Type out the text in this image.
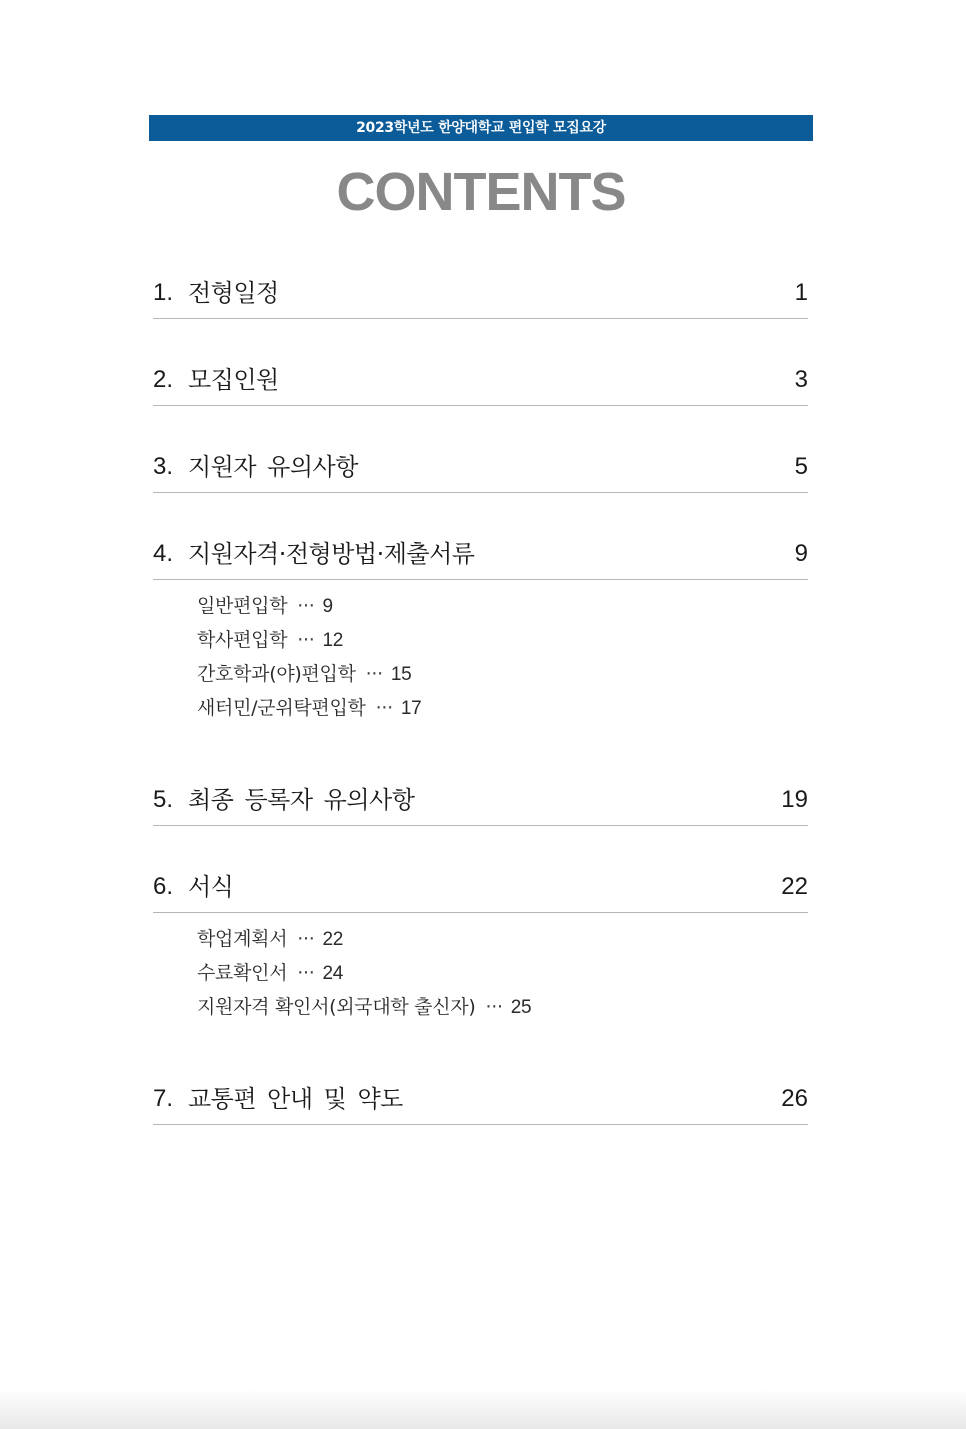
2023학년도 한양대학교 편입학 모집요강
CONTENTS
1. 전형일정	1
2. 모집인원	3
3. 지원자 유의사항	5
4. 지원자격·전형방법·제출서류	9
일반편입학 ··· 9
학사편입학 ··· 12
간호학과(야)편입학 ··· 15
새터민/군위탁편입학 ··· 17
5. 최종 등록자 유의사항	19
6. 서식	22
학업계획서 ··· 22
수료확인서 ··· 24
지원자격 확인서(외국대학 출신자) ··· 25
7. 교통편 안내 및 약도	26
